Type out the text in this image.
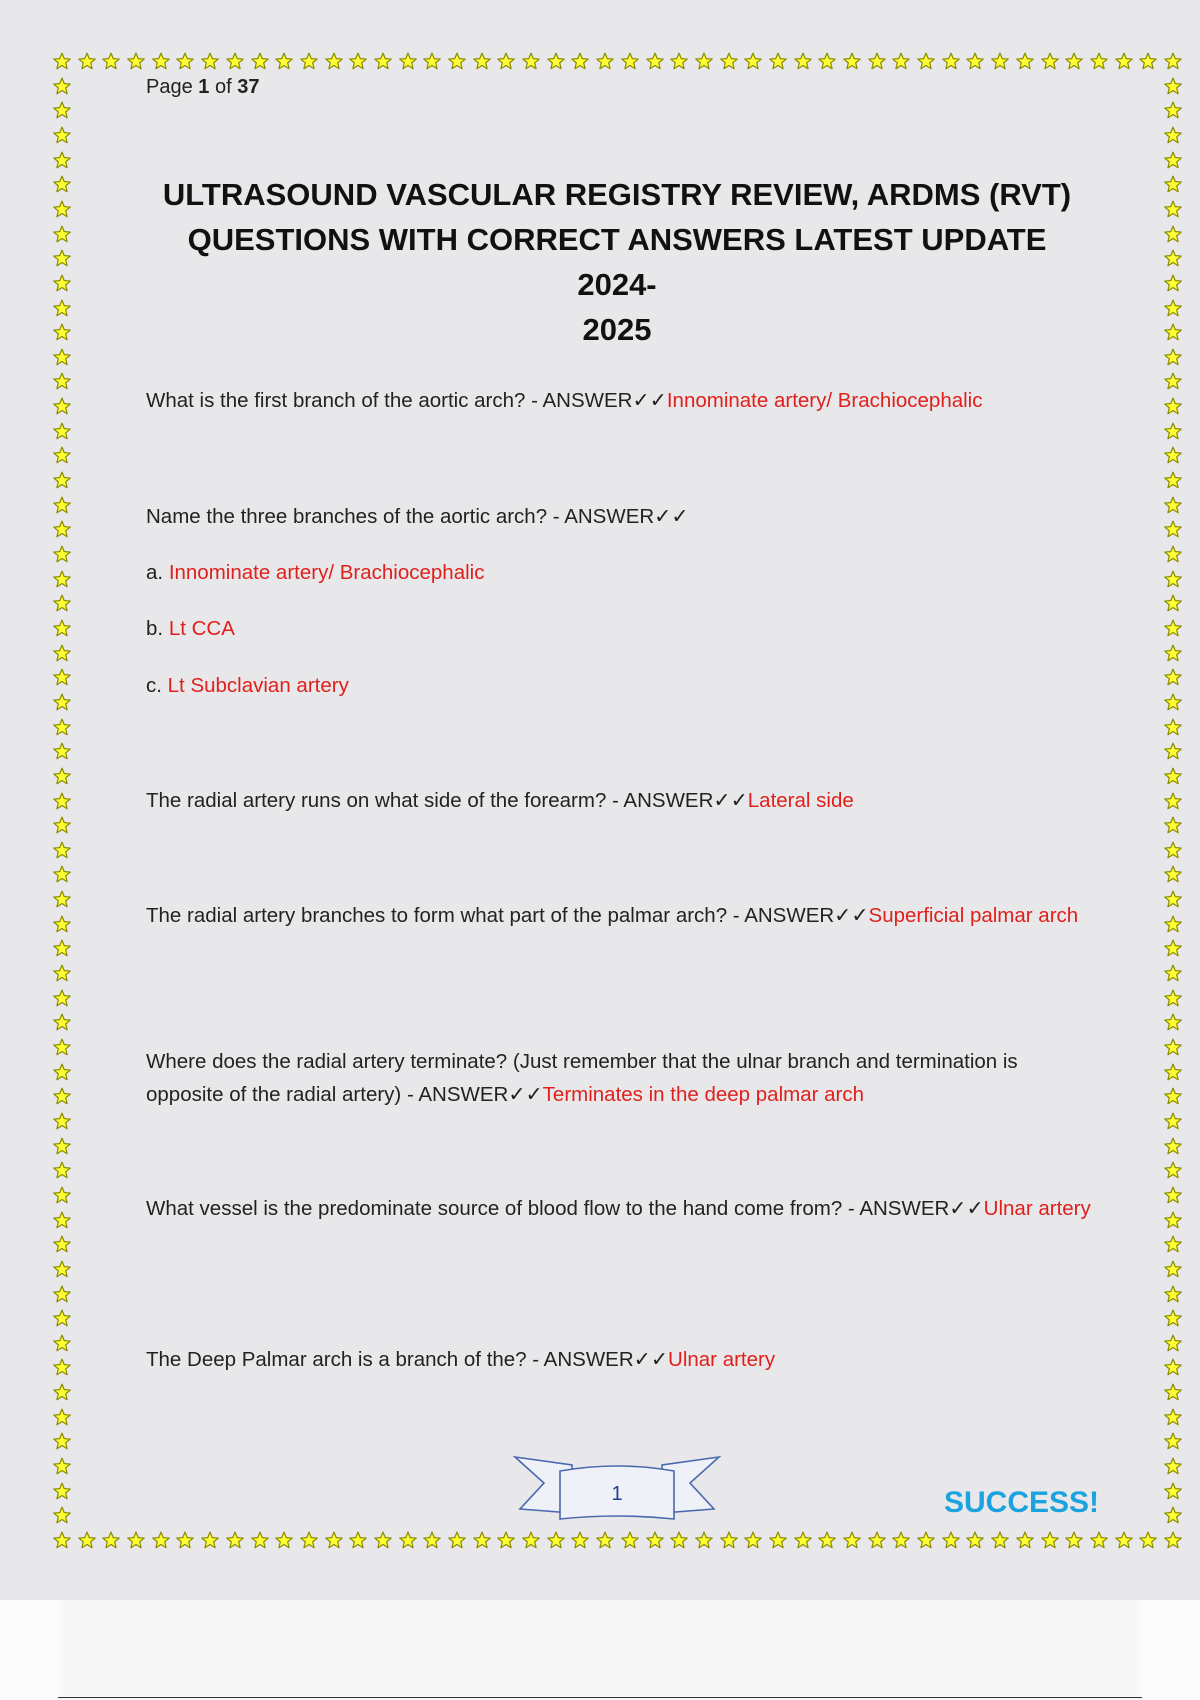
Page 1 of 37
ULTRASOUND VASCULAR REGISTRY REVIEW, ARDMS (RVT)
QUESTIONS WITH CORRECT ANSWERS LATEST UPDATE 2024-
2025
What is the first branch of the aortic arch? - ANSWER✓✓Innominate artery/ Brachiocephalic
Name the three branches of the aortic arch? - ANSWER✓✓
a. Innominate artery/ Brachiocephalic
b. Lt CCA
c. Lt Subclavian artery
The radial artery runs on what side of the forearm? - ANSWER✓✓Lateral side
The radial artery branches to form what part of the palmar arch? - ANSWER✓✓Superficial palmar arch
Where does the radial artery terminate? (Just remember that the ulnar branch and termination is opposite of the radial artery) - ANSWER✓✓Terminates in the deep palmar arch
What vessel is the predominate source of blood flow to the hand come from? - ANSWER✓✓Ulnar artery
The Deep Palmar arch is a branch of the? - ANSWER✓✓Ulnar artery
1	SUCCESS!
